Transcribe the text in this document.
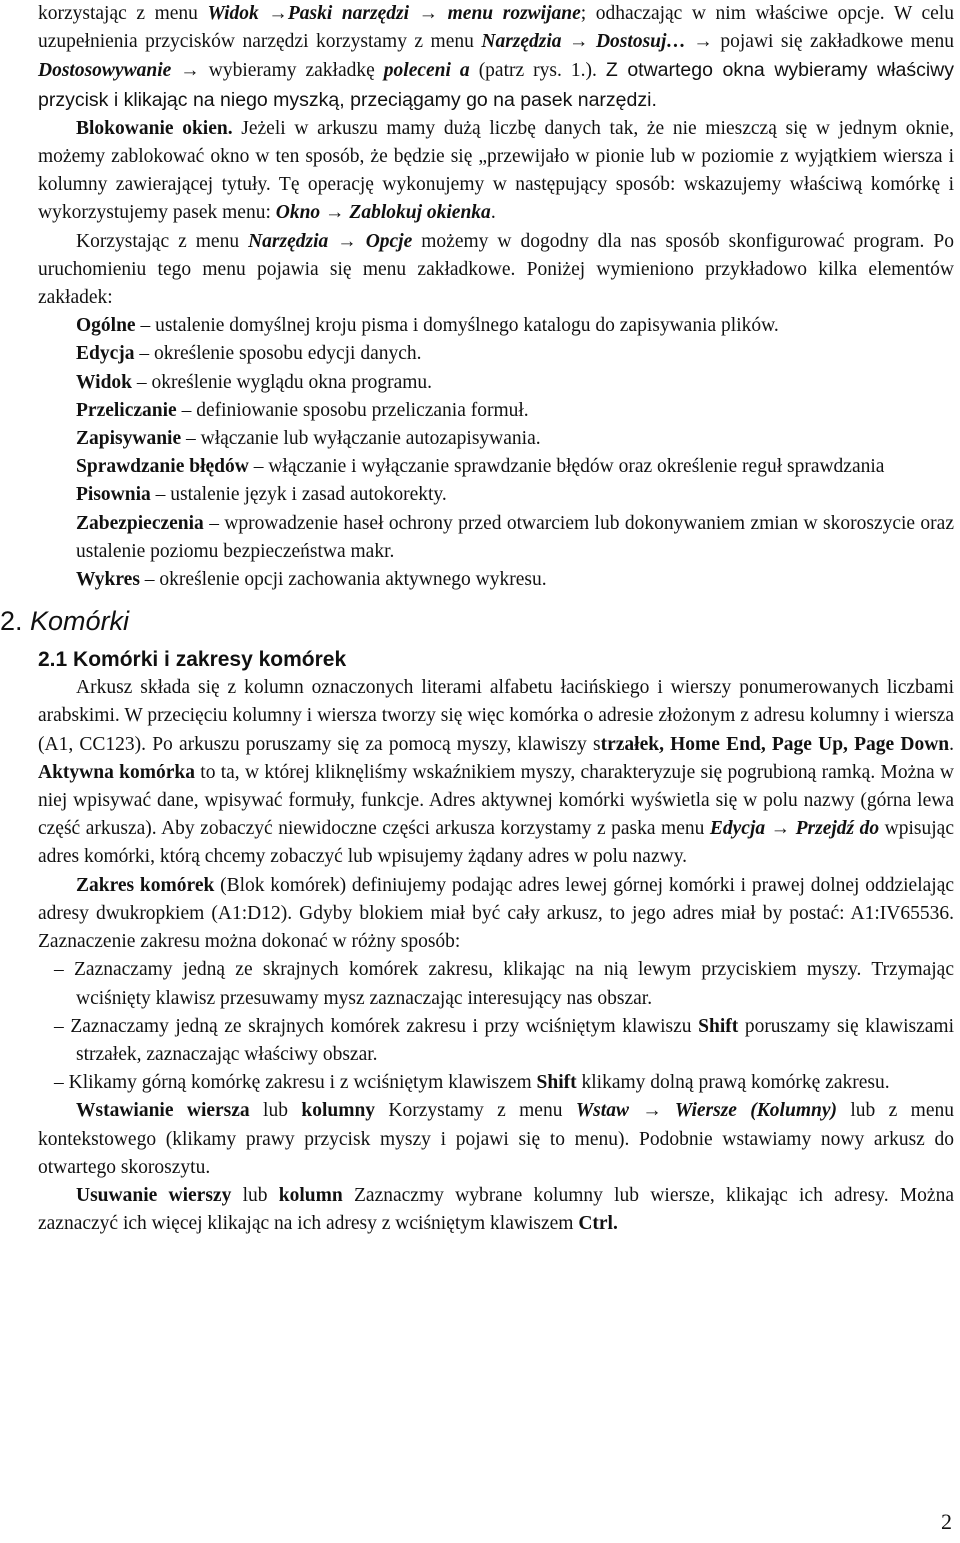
korzystając z menu Widok →Paski narzędzi → menu rozwijane; odhaczając w nim właściwe opcje. W celu uzupełnienia przycisków narzędzi korzystamy z menu Narzędzia → Dostosuj… → pojawi się zakładkowe menu Dostosowywanie → wybieramy zakładkę poleceni a (patrz rys. 1.). Z otwartego okna wybieramy właściwy przycisk i klikając na niego myszką, przeciągamy go na pasek narzędzi.

Blokowanie okien. Jeżeli w arkuszu mamy dużą liczbę danych tak, że nie mieszczą się w jednym oknie, możemy zablokować okno w ten sposób, że będzie się „przewijało w pionie lub w poziomie z wyjątkiem wiersza i kolumny zawierającej tytuły. Tę operację wykonujemy w następujący sposób: wskazujemy właściwą komórkę i wykorzystujemy pasek menu: Okno → Zablokuj okienka.

Korzystając z menu Narzędzia → Opcje możemy w dogodny dla nas sposób skonfigurować program. Po uruchomieniu tego menu pojawia się menu zakładkowe. Poniżej wymieniono przykładowo kilka elementów zakładek:

Ogólne – ustalenie domyślnej kroju pisma i domyślnego katalogu do zapisywania plików.

Edycja – określenie sposobu edycji danych.

Widok – określenie wyglądu okna programu.

Przeliczanie – definiowanie sposobu przeliczania formuł.

Zapisywanie – włączanie lub wyłączanie autozapisywania.

Sprawdzanie błędów – włączanie i wyłączanie sprawdzanie błędów oraz określenie reguł sprawdzania

Pisownia – ustalenie język i zasad autokorekty.

Zabezpieczenia – wprowadzenie haseł ochrony przed otwarciem lub dokonywaniem zmian w skoroszycie oraz ustalenie poziomu bezpieczeństwa makr.

Wykres – określenie opcji zachowania aktywnego wykresu.

2. Komórki
2.1 Komórki i zakresy komórek

Arkusz składa się z kolumn oznaczonych literami alfabetu łacińskiego i wierszy ponumerowanych liczbami arabskimi. W przecięciu kolumny i wiersza tworzy się więc komórka o adresie złożonym z adresu kolumny i wiersza (A1, CC123). Po arkuszu poruszamy się za pomocą myszy, klawiszy strzałek, Home End, Page Up, Page Down. Aktywna komórka to ta, w której kliknęliśmy wskaźnikiem myszy, charakteryzuje się pogrubioną ramką. Można w niej wpisywać dane, wpisywać formuły, funkcje. Adres aktywnej komórki wyświetla się w polu nazwy (górna lewa część arkusza). Aby zobaczyć niewidoczne części arkusza korzystamy z paska menu Edycja → Przejdź do wpisując adres komórki, którą chcemy zobaczyć lub wpisujemy żądany adres w polu nazwy.

Zakres komórek (Blok komórek) definiujemy podając adres lewej górnej komórki i prawej dolnej oddzielając adresy dwukropkiem (A1:D12). Gdyby blokiem miał być cały arkusz, to jego adres miał by postać: A1:IV65536. Zaznaczenie zakresu można dokonać w różny sposób:

– Zaznaczamy jedną ze skrajnych komórek zakresu, klikając na nią lewym przyciskiem myszy. Trzymając wciśnięty klawisz przesuwamy mysz zaznaczając interesujący nas obszar.

– Zaznaczamy jedną ze skrajnych komórek zakresu i przy wciśniętym klawiszu Shift poruszamy się klawiszami strzałek, zaznaczając właściwy obszar.

– Klikamy górną komórkę zakresu i z wciśniętym klawiszem Shift klikamy dolną prawą komórkę zakresu.

Wstawianie wiersza lub kolumny Korzystamy z menu Wstaw → Wiersze (Kolumny) lub z menu kontekstowego (klikamy prawy przycisk myszy i pojawi się to menu). Podobnie wstawiamy nowy arkusz do otwartego skoroszytu.

Usuwanie wierszy lub kolumn Zaznaczmy wybrane kolumny lub wiersze, klikając ich adresy. Można zaznaczyć ich więcej klikając na ich adresy z wciśniętym klawiszem Ctrl.

2
